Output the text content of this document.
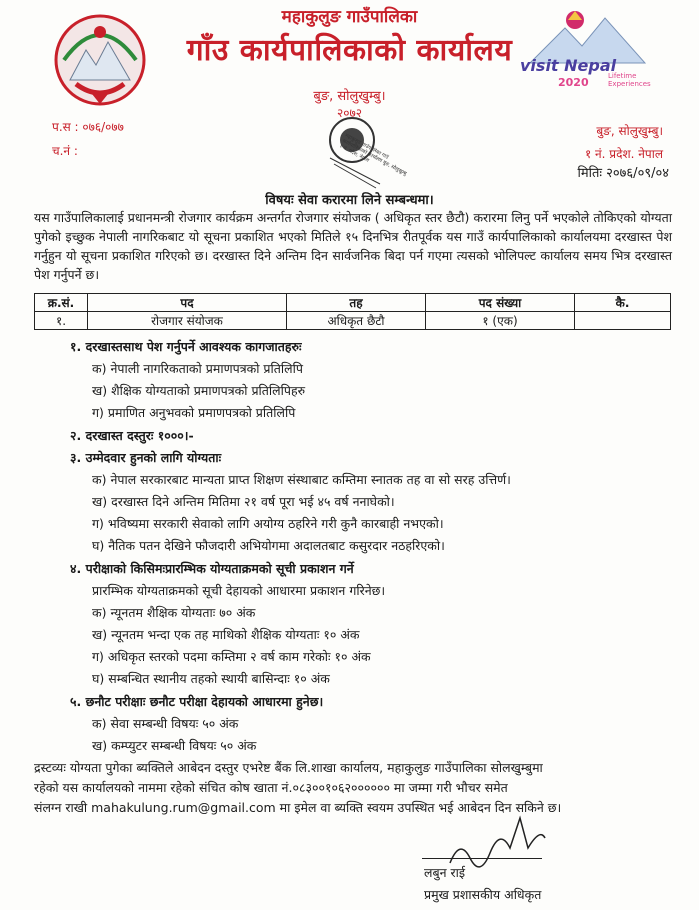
महाकुलुङ गाउँपालिका
गाँउ कार्यपालिकाको कार्यालय
बुङ, सोलुखुम्बु।
२०७२
visit Nepal
2020	Lifetime
Experiences
प.स : ०७६/०७७
च.नं :
बुङ, सोलुखुम्बु।
१ नं. प्रदेश. नेपाल
महाकुलुङ गाउँपालिका गाउँ कार्यपालिकाको कार्यालय बुङ, सोलुखुम्बु १ नं. प्रदेश, नेपाल
मितिः २०७६/०९/०४
विषयः सेवा करारमा लिने सम्बन्धमा।
यस गाउँपालिकालाई प्रधानमन्त्री रोजगार कार्यक्रम अन्तर्गत रोजगार संयोजक ( अधिकृत स्तर छैटौ) करारमा लिनु पर्ने भएकोले तोकिएको योग्यता पुगेको इच्छुक नेपाली नागरिकबाट यो सूचना प्रकाशित भएको मितिले १५ दिनभित्र रीतपूर्वक यस गाउँ कार्यपालिकाको कार्यालयमा दरखास्त पेश गर्नुहुन यो सूचना प्रकाशित गरिएको छ। दरखास्त दिने अन्तिम दिन सार्वजनिक बिदा पर्न गएमा त्यसको भोलिपल्ट कार्यालय समय भित्र दरखास्त पेश गर्नुपर्ने छ।
क्र.सं.	पद	तह	पद संख्या	कै.
१.	रोजगार संयोजक	अधिकृत छैटौ	१ (एक)	
१. दरखास्तसाथ पेश गर्नुपर्ने आवश्यक कागजातहरुः
क) नेपाली नागरिकताको प्रमाणपत्रको प्रतिलिपि
ख) शैक्षिक योग्यताको प्रमाणपत्रको प्रतिलिपिहरु
ग) प्रमाणित अनुभवको प्रमाणपत्रको प्रतिलिपि
२. दरखास्त दस्तुरः १०००।-
३. उम्मेदवार हुनको लागि योग्यताः
क) नेपाल सरकारबाट मान्यता प्राप्त शिक्षण संस्थाबाट कम्तिमा स्नातक तह वा सो सरह उत्तिर्ण।
ख) दरखास्त दिने अन्तिम मितिमा २१ वर्ष पूरा भई ४५ वर्ष ननाघेको।
ग) भविष्यमा सरकारी सेवाको लागि अयोग्य ठहरिने गरी कुनै कारबाही नभएको।
घ) नैतिक पतन देखिने फौजदारी अभियोगमा अदालतबाट कसुरदार नठहरिएको।
४. परीक्षाको किसिमःप्रारम्भिक योग्यताक्रमको सूची प्रकाशन गर्ने
प्रारम्भिक योग्यताक्रमको सूची देहायको आधारमा प्रकाशन गरिनेछ।
क) न्यूनतम शैक्षिक योग्यताः ७० अंक
ख) न्यूनतम भन्दा एक तह माथिको शैक्षिक योग्यताः १० अंक
ग) अधिकृत स्तरको पदमा कम्तिमा २ वर्ष काम गरेकोः १० अंक
घ) सम्बन्धित स्थानीय तहको स्थायी बासिन्दाः १० अंक
५. छनौट परीक्षाः छनौट परीक्षा देहायको आधारमा हुनेछ।
क) सेवा सम्बन्धी विषयः ५० अंक
ख) कम्प्युटर सम्बन्धी विषयः ५० अंक
द्रस्टव्यः योग्यता पुगेका ब्यक्तिले आबेदन दस्तुर एभरेष्ट बैंक लि.शाखा कार्यालय, महाकुलुङ गाउँपालिका सोलखुम्बुमा
रहेको यस कार्यालयको नाममा रहेको संचित कोष खाता नं.०८३००१०६२०००००० मा जम्मा गरी भौचर समेत
संलग्न राखी mahakulung.rum@gmail.com मा इमेल वा ब्यक्ति स्वयम उपस्थित भई आबेदन दिन सकिने छ।
लबुन राई
प्रमुख प्रशासकीय अधिकृत
